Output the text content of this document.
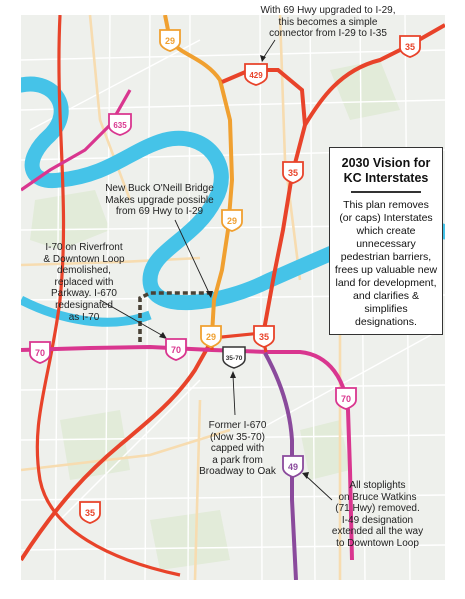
29
35
429
635
35
29
29	35
70	70
35-70
70
49
35
With 69 Hwy upgraded to I-29,
this becomes a simple
connector from I-29 to I-35
New Buck O'Neill Bridge
Makes upgrade possible
from 69 Hwy to I-29
I-70 on Riverfront
& Downtown Loop
demolished,
replaced with
Parkway. I-670
redesignated
as I-70
Former I-670
(Now 35-70)
capped with
a park from
Broadway to Oak
All stoplights
on Bruce Watkins
(71 Hwy) removed.
I-49 designation
extended all the way
to Downtown Loop
2030 Vision for
KC Interstates
This plan removes
(or caps) Interstates
which create unnecessary
pedestrian barriers,
frees up valuable new
land for development,
and clarifies & simplifies
designations.
